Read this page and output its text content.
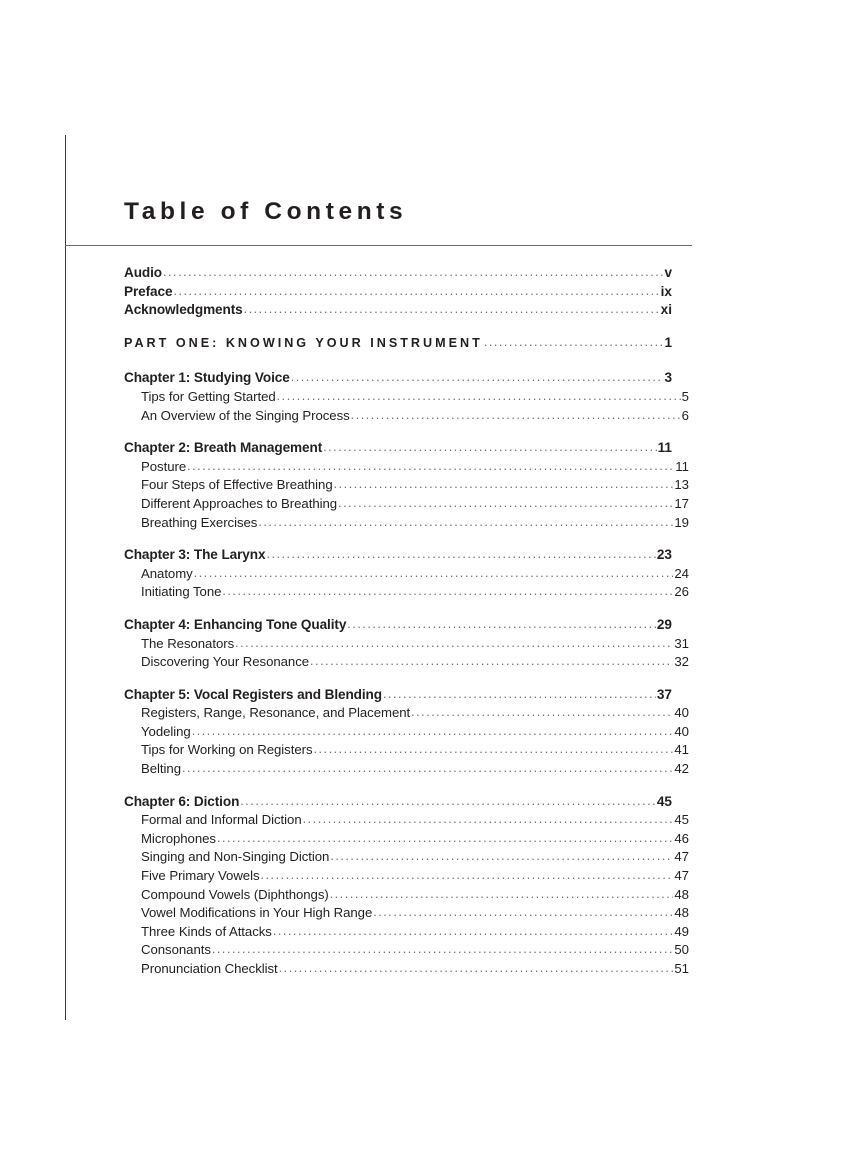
Table of Contents
Audio .....	v
Preface .....	ix
Acknowledgments .....	xi
PART ONE: KNOWING YOUR INSTRUMENT .....	1
Chapter 1: Studying Voice .....	3
Tips for Getting Started .....	5
An Overview of the Singing Process .....	6
Chapter 2: Breath Management .....	11
Posture .....	11
Four Steps of Effective Breathing .....	13
Different Approaches to Breathing .....	17
Breathing Exercises .....	19
Chapter 3: The Larynx .....	23
Anatomy .....	24
Initiating Tone .....	26
Chapter 4: Enhancing Tone Quality .....	29
The Resonators .....	31
Discovering Your Resonance .....	32
Chapter 5: Vocal Registers and Blending .....	37
Registers, Range, Resonance, and Placement .....	40
Yodeling .....	40
Tips for Working on Registers .....	41
Belting .....	42
Chapter 6: Diction .....	45
Formal and Informal Diction .....	45
Microphones .....	46
Singing and Non-Singing Diction .....	47
Five Primary Vowels .....	47
Compound Vowels (Diphthongs) .....	48
Vowel Modifications in Your High Range .....	48
Three Kinds of Attacks .....	49
Consonants .....	50
Pronunciation Checklist .....	51
